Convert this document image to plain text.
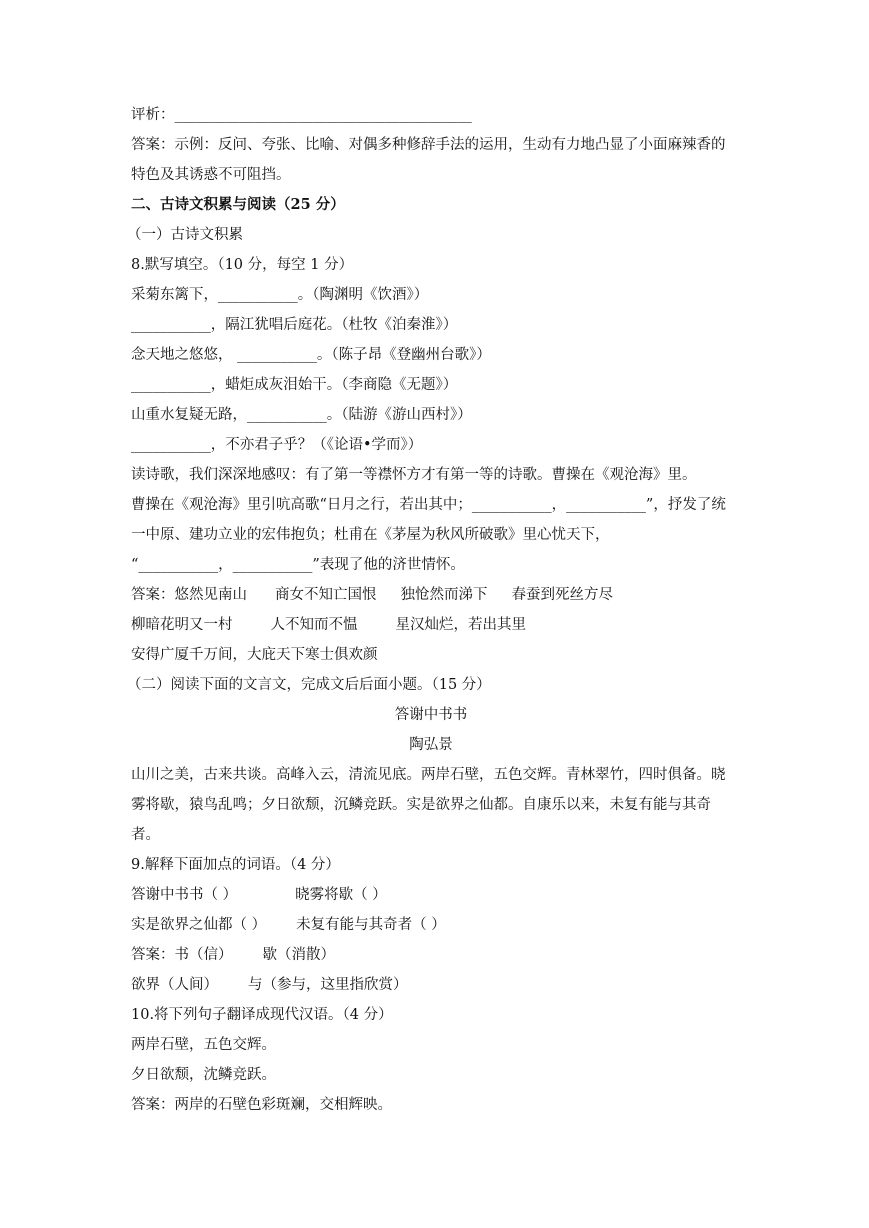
评析：_________________________________________
答案：示例：反问、夸张、比喻、对偶多种修辞手法的运用，生动有力地凸显了小面麻辣香的特色及其诱惑不可阻挡。
二、古诗文积累与阅读（25 分）
（一）古诗文积累
8.默写填空。（10 分，每空 1 分）
采菊东篱下，___________。（陶渊明《饮酒》）
___________，隔江犹唱后庭花。（杜牧《泊秦淮》）
念天地之悠悠， ___________。（陈子昂《登幽州台歌》）
___________，蜡炬成灰泪始干。（李商隐《无题》）
山重水复疑无路，___________。（陆游《游山西村》）
___________，不亦君子乎？（《论语•学而》）
读诗歌，我们深深地感叹：有了第一等襟怀方才有第一等的诗歌。曹操在《观沧海》里。
曹操在《观沧海》里引吭高歌“日月之行，若出其中；___________，___________”，抒发了统一中原、建功立业的宏伟抱负；杜甫在《茅屋为秋风所破歌》里心忧天下，
“___________，___________”表现了他的济世情怀。
答案：悠然见南山 商女不知亡国恨 独怆然而涕下 春蚕到死丝方尽
柳暗花明又一村	人不知而不愠	星汉灿烂，若出其里
安得广厦千万间，大庇天下寒士俱欢颜
（二）阅读下面的文言文，完成文后后面小题。（15 分）
答谢中书书
陶弘景
山川之美，古来共谈。高峰入云，清流见底。两岸石壁，五色交辉。青林翠竹，四时俱备。晓雾将歇，猿鸟乱鸣；夕日欲颓，沉鳞竞跃。实是欲界之仙都。自康乐以来，未复有能与其奇者。
9.解释下面加点的词语。（4 分）
答谢中书书（ ）	晓雾将歇（ ）
实是欲界之仙都（ ） 未复有能与其奇者（ ）
答案：书（信） 歇（消散）
欲界（人间） 与（参与，这里指欣赏）
10.将下列句子翻译成现代汉语。（4 分）
两岸石壁，五色交辉。
夕日欲颓，沈鳞竞跃。
答案：两岸的石壁色彩斑斓，交相辉映。
